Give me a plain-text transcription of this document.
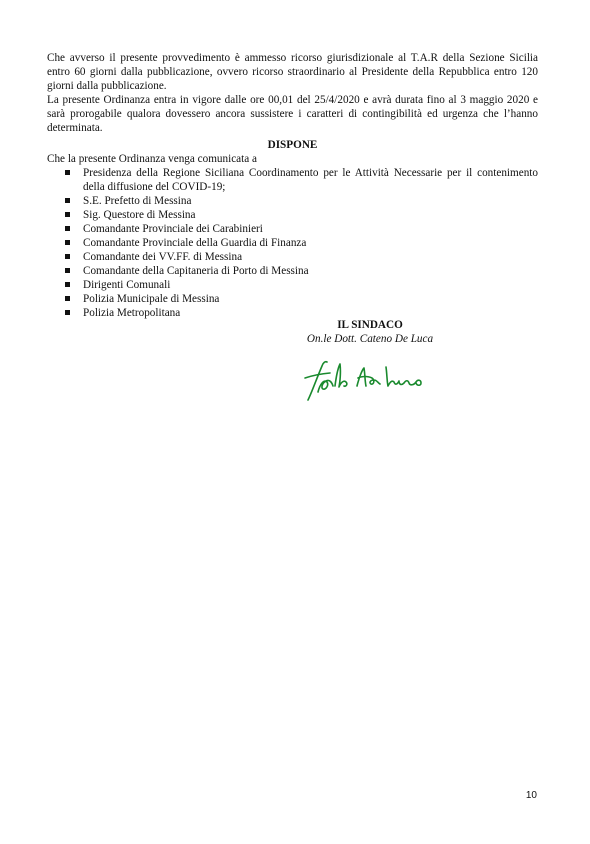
Che avverso il presente provvedimento è ammesso ricorso giurisdizionale al T.A.R della Sezione Sicilia entro 60 giorni dalla pubblicazione, ovvero ricorso straordinario al Presidente della Repubblica entro 120 giorni dalla pubblicazione.

La presente Ordinanza entra in vigore dalle ore 00,01 del 25/4/2020 e avrà durata fino al 3 maggio 2020 e sarà prorogabile qualora dovessero ancora sussistere i caratteri di contingibilità ed urgenza che l’hanno determinata.

DISPONE

Che la presente Ordinanza venga comunicata a

Presidenza della Regione Siciliana Coordinamento per le Attività Necessarie per il contenimento della diffusione del COVID-19;
S.E. Prefetto di Messina
Sig. Questore di Messina
Comandante Provinciale dei Carabinieri
Comandante Provinciale della Guardia di Finanza
Comandante dei VV.FF. di Messina
Comandante della Capitaneria di Porto di Messina
Dirigenti Comunali
Polizia Municipale di Messina
Polizia Metropolitana
IL SINDACO
On.le Dott. Cateno De Luca
10
